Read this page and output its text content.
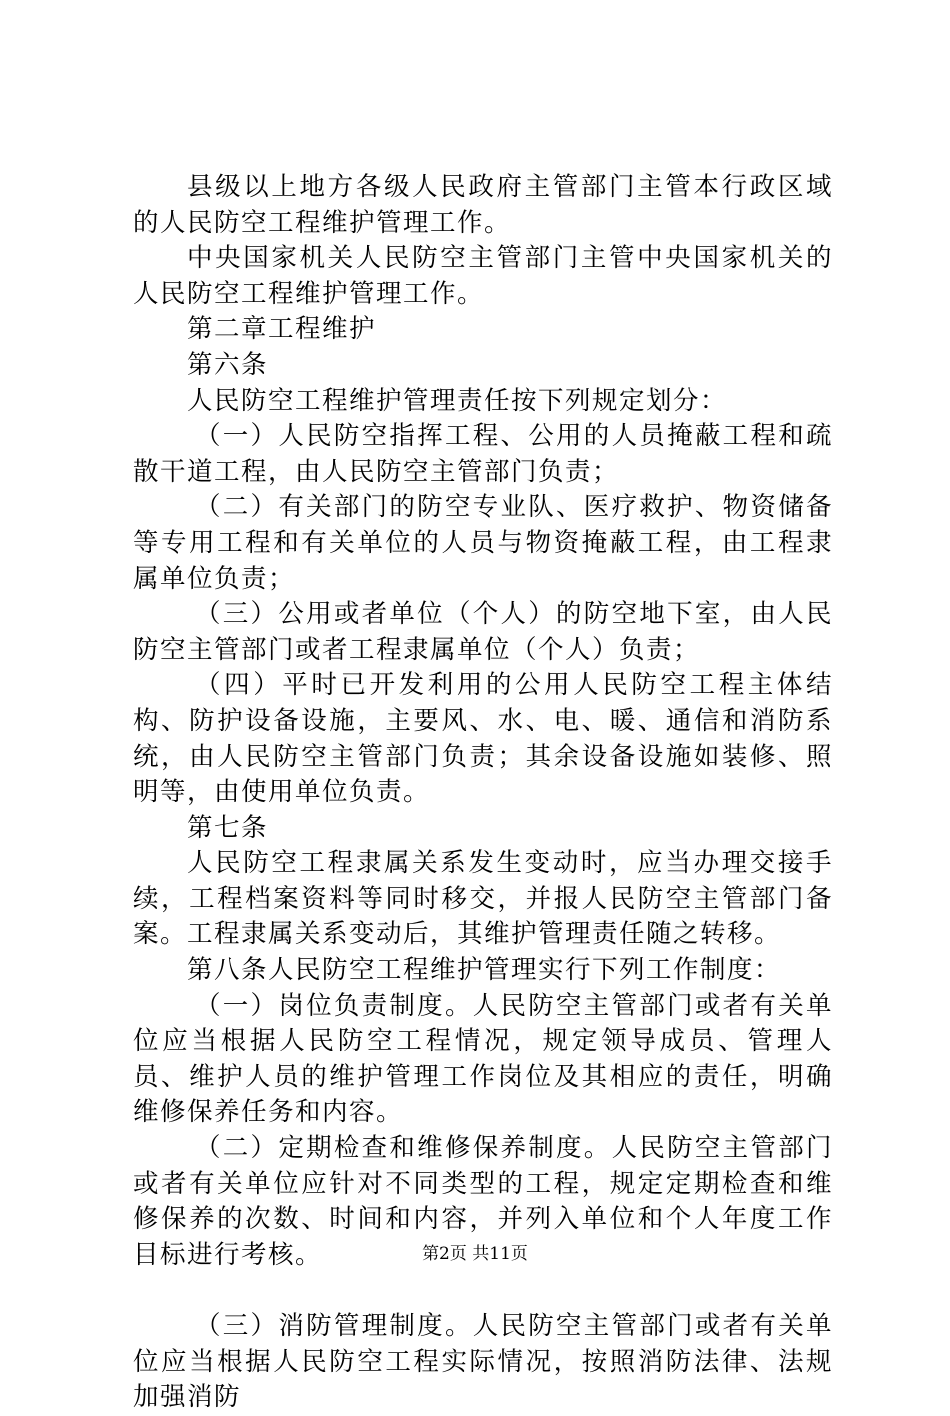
县级以上地方各级人民政府主管部门主管本行政区域的人民防空工程维护管理工作。

中央国家机关人民防空主管部门主管中央国家机关的人民防空工程维护管理工作。

第二章工程维护

第六条

人民防空工程维护管理责任按下列规定划分：

（一）人民防空指挥工程、公用的人员掩蔽工程和疏散干道工程，由人民防空主管部门负责；

（二）有关部门的防空专业队、医疗救护、物资储备等专用工程和有关单位的人员与物资掩蔽工程，由工程隶属单位负责；

（三）公用或者单位（个人）的防空地下室，由人民防空主管部门或者工程隶属单位（个人）负责；

（四）平时已开发利用的公用人民防空工程主体结构、防护设备设施，主要风、水、电、暖、通信和消防系统，由人民防空主管部门负责；其余设备设施如装修、照明等，由使用单位负责。

第七条

人民防空工程隶属关系发生变动时，应当办理交接手续，工程档案资料等同时移交，并报人民防空主管部门备案。工程隶属关系变动后，其维护管理责任随之转移。

第八条人民防空工程维护管理实行下列工作制度：

（一）岗位负责制度。人民防空主管部门或者有关单位应当根据人民防空工程情况，规定领导成员、管理人员、维护人员的维护管理工作岗位及其相应的责任，明确维修保养任务和内容。

（二）定期检查和维修保养制度。人民防空主管部门或者有关单位应针对不同类型的工程，规定定期检查和维修保养的次数、时间和内容，并列入单位和个人年度工作目标进行考核。

（三）消防管理制度。人民防空主管部门或者有关单位应当根据人民防空工程实际情况，按照消防法律、法规加强消防

第2页 共11页
